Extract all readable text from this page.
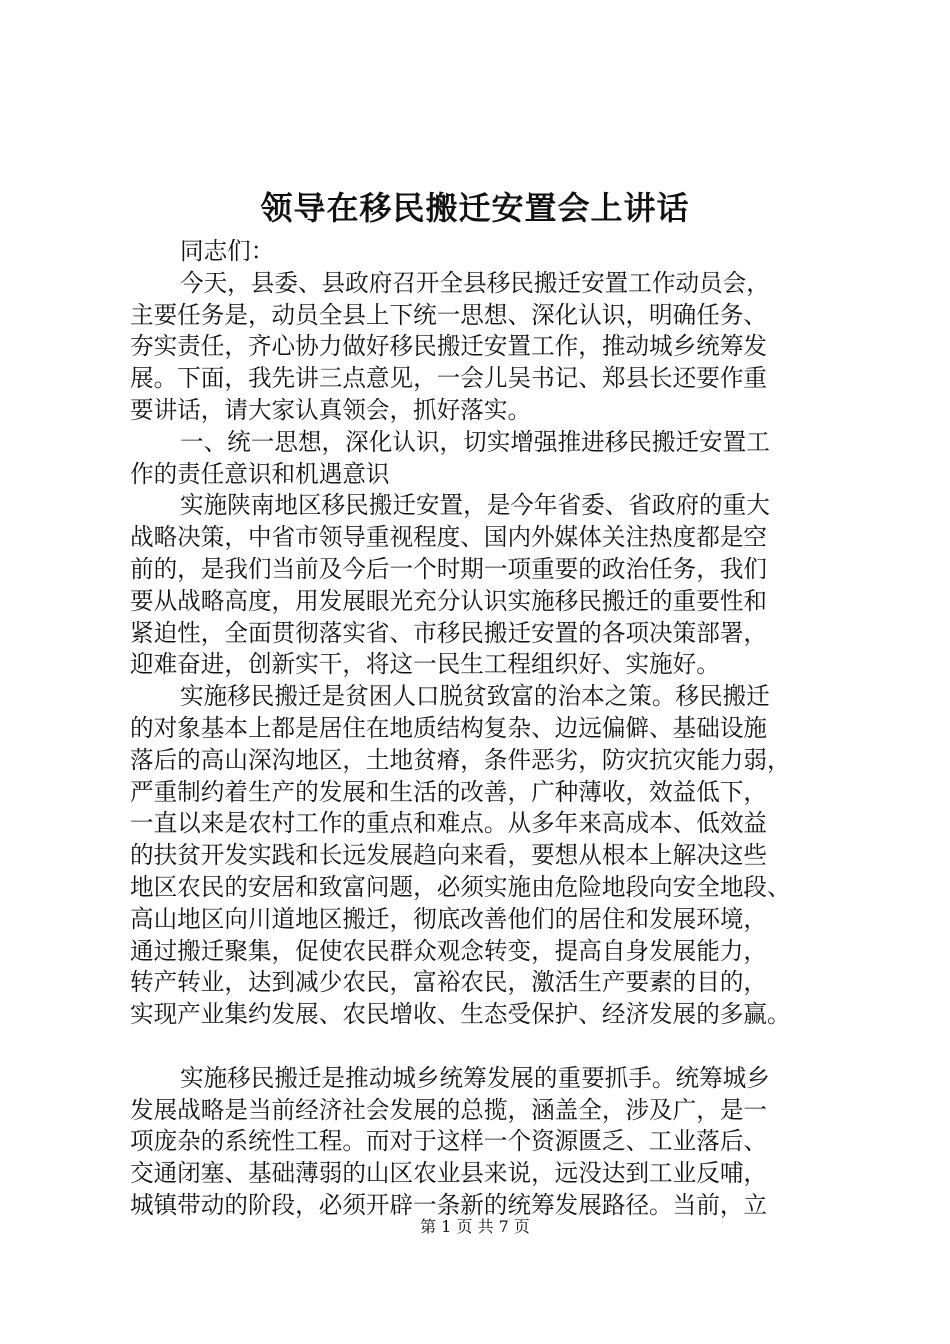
领导在移民搬迁安置会上讲话
同志们：
今天，县委、县政府召开全县移民搬迁安置工作动员会，
主要任务是，动员全县上下统一思想、深化认识，明确任务、
夯实责任，齐心协力做好移民搬迁安置工作，推动城乡统筹发
展。下面，我先讲三点意见，一会儿吴书记、郑县长还要作重
要讲话，请大家认真领会，抓好落实。
一、统一思想，深化认识，切实增强推进移民搬迁安置工
作的责任意识和机遇意识
实施陕南地区移民搬迁安置，是今年省委、省政府的重大
战略决策，中省市领导重视程度、国内外媒体关注热度都是空
前的，是我们当前及今后一个时期一项重要的政治任务，我们
要从战略高度，用发展眼光充分认识实施移民搬迁的重要性和
紧迫性，全面贯彻落实省、市移民搬迁安置的各项决策部署，
迎难奋进，创新实干，将这一民生工程组织好、实施好。
实施移民搬迁是贫困人口脱贫致富的治本之策。移民搬迁
的对象基本上都是居住在地质结构复杂、边远偏僻、基础设施
落后的高山深沟地区，土地贫瘠，条件恶劣，防灾抗灾能力弱，
严重制约着生产的发展和生活的改善，广种薄收，效益低下，
一直以来是农村工作的重点和难点。从多年来高成本、低效益
的扶贫开发实践和长远发展趋向来看，要想从根本上解决这些
地区农民的安居和致富问题，必须实施由危险地段向安全地段、
高山地区向川道地区搬迁，彻底改善他们的居住和发展环境，
通过搬迁聚集，促使农民群众观念转变，提高自身发展能力，
转产转业，达到减少农民，富裕农民，激活生产要素的目的，
实现产业集约发展、农民增收、生态受保护、经济发展的多赢。
实施移民搬迁是推动城乡统筹发展的重要抓手。统筹城乡
发展战略是当前经济社会发展的总揽，涵盖全，涉及广，是一
项庞杂的系统性工程。而对于这样一个资源匮乏、工业落后、
交通闭塞、基础薄弱的山区农业县来说，远没达到工业反哺，
城镇带动的阶段，必须开辟一条新的统筹发展路径。当前，立
第 1 页 共 7 页
